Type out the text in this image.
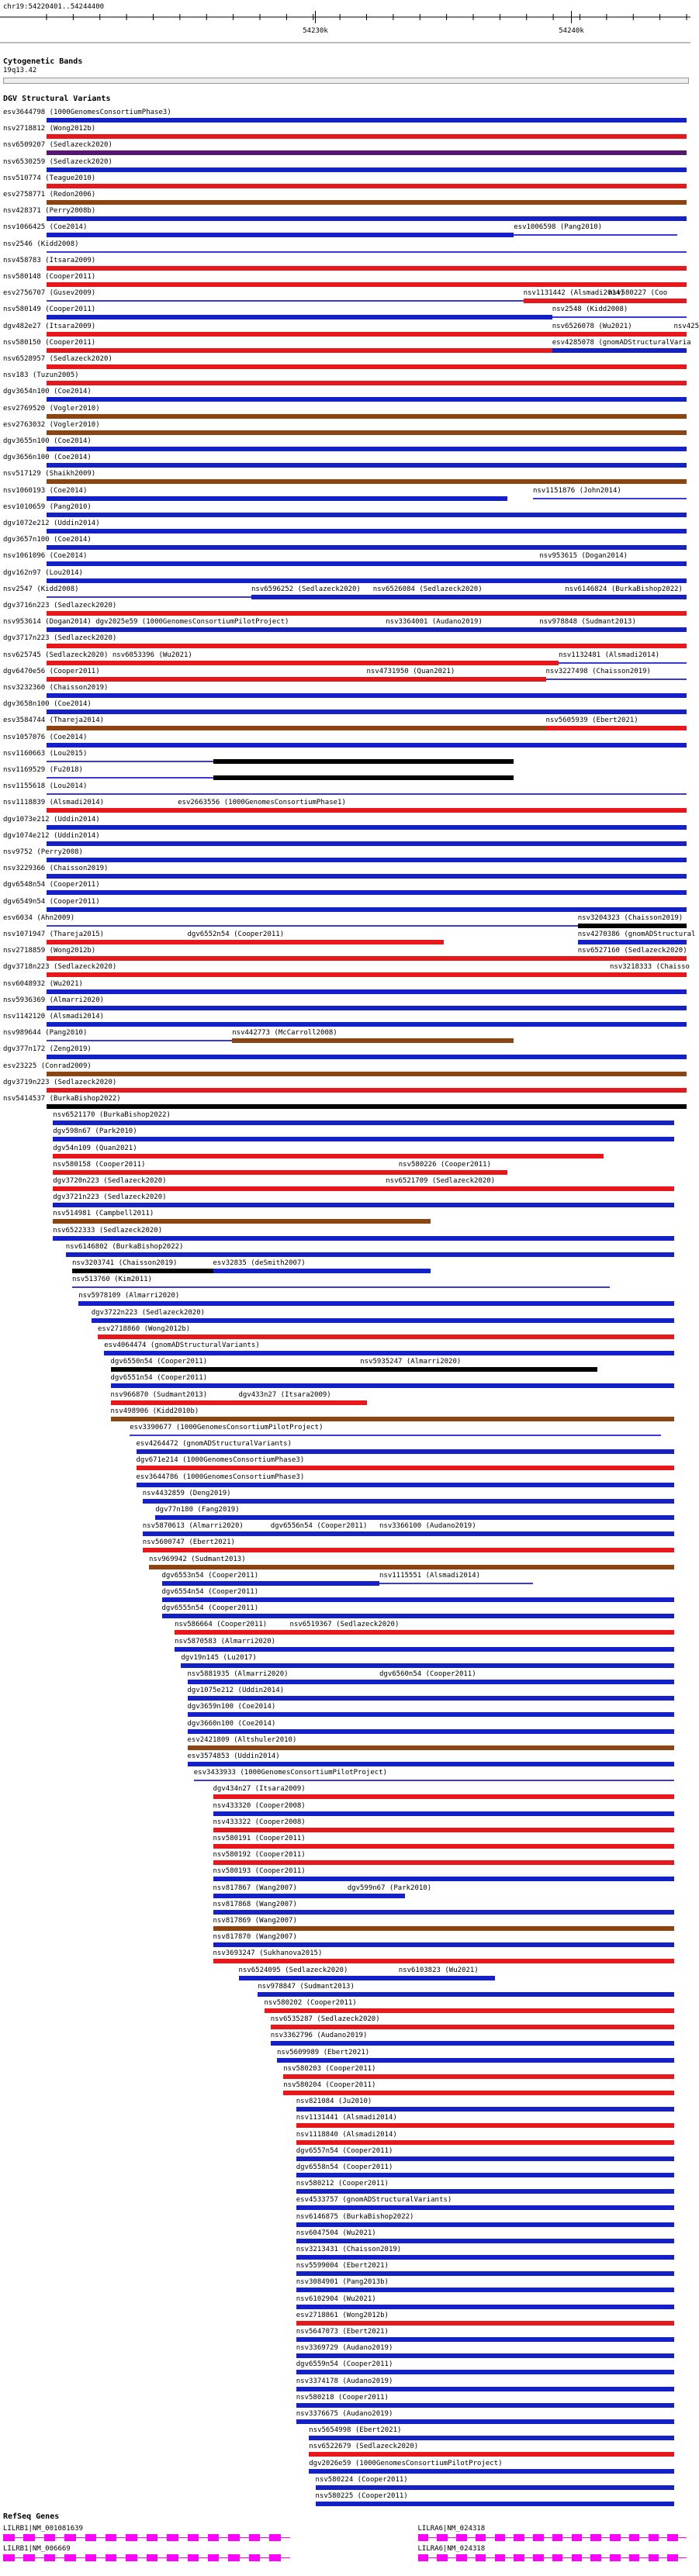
chr19:54220401..54244400
54230k	54240k
Cytogenetic Bands
19q13.42
DGV Structural Variants
esv3644798 (1000GenomesConsortiumPhase3)
nsv2718812 (Wong2012b)
nsv6509207 (Sedlazeck2020)
nsv6530259 (Sedlazeck2020)
nsv510774 (Teague2010)
esv2758771 (Redon2006)
nsv428371 (Perry2008b)
nsv1066425 (Coe2014)	esv1006598 (Pang2010)
nsv2546 (Kidd2008)
nsv458783 (Itsara2009)
nsv580148 (Cooper2011)
esv2756707 (Gusev2009)	nsv1131442 (Alsmadi2014)
nsv580227 (Coo
nsv580149 (Cooper2011)	nsv2548 (Kidd2008)
dgv482e27 (Itsara2009)	nsv6526078 (Wu2021)	nsv425
nsv580150 (Cooper2011)	esv4285078 (gnomADStructuralVaria
nsv6528957 (Sedlazeck2020)
nsv183 (Tuzun2005)
dgv3654n100 (Coe2014)
esv2769520 (Vogler2010)
esv2763032 (Vogler2010)
dgv3655n100 (Coe2014)
dgv3656n100 (Coe2014)
nsv517129 (Shaikh2009)
nsv1060193 (Coe2014)	nsv1151876 (John2014)
esv1010659 (Pang2010)
dgv1072e212 (Uddin2014)
dgv3657n100 (Coe2014)
nsv1061096 (Coe2014)	nsv953615 (Dogan2014)
dgv162n97 (Lou2014)
nsv2547 (Kidd2008)	nsv6596252 (Sedlazeck2020) nsv6526084 (Sedlazeck2020)	nsv6146824 (BurkaBishop2022)
dgv3716n223 (Sedlazeck2020)
nsv953614 (Dogan2014) dgv2025e59 (1000GenomesConsortiumPilotProject)	nsv3364001 (Audano2019)	nsv978848 (Sudmant2013)
dgv3717n223 (Sedlazeck2020)
nsv625745 (Sedlazeck2020) nsv6053396 (Wu2021)	nsv1132481 (Alsmadi2014)
dgv6470e56 (Cooper2011)	nsv4731950 (Quan2021)	nsv3227498 (Chaisson2019)
nsv3232360 (Chaisson2019)
dgv3658n100 (Coe2014)
esv3584744 (Thareja2014)	nsv5605939 (Ebert2021)
nsv1057076 (Coe2014)
nsv1160663 (Lou2015)
nsv1169529 (Fu2018)
nsv1155618 (Lou2014)
nsv1118839 (Alsmadi2014)	esv2663556 (1000GenomesConsortiumPhase1)
dgv1073e212 (Uddin2014)
dgv1074e212 (Uddin2014)
nsv9752 (Perry2008)
nsv3229366 (Chaisson2019)
dgv6548n54 (Cooper2011)
dgv6549n54 (Cooper2011)
esv6034 (Ahn2009)	nsv3204323 (Chaisson2019)
nsv1071947 (Thareja2015)	dgv6552n54 (Cooper2011)	nsv4270386 (gnomADStructural
nsv2718859 (Wong2012b)	nsv6527160 (Sedlazeck2020)
dgv3718n223 (Sedlazeck2020)	nsv3218333 (Chaisso
nsv6048932 (Wu2021)
nsv5936369 (Almarri2020)
nsv1142120 (Alsmadi2014)
nsv989644 (Pang2010)	nsv442773 (McCarroll2008)
dgv377n172 (Zeng2019)
esv23225 (Conrad2009)
dgv3719n223 (Sedlazeck2020)
nsv5414537 (BurkaBishop2022)
nsv6521170 (BurkaBishop2022)
dgv598n67 (Park2010)
dgv54n109 (Quan2021)
nsv580158 (Cooper2011)	nsv580226 (Cooper2011)
dgv3720n223 (Sedlazeck2020)	nsv6521709 (Sedlazeck2020)
dgv3721n223 (Sedlazeck2020)
nsv514981 (Campbell2011)
nsv6522333 (Sedlazeck2020)
nsv6146802 (BurkaBishop2022)
nsv3203741 (Chaisson2019)	esv32835 (deSmith2007)
nsv513760 (Kim2011)
nsv5978109 (Almarri2020)
dgv3722n223 (Sedlazeck2020)
esv2718860 (Wong2012b)
esv4064474 (gnomADStructuralVariants)
dgv6550n54 (Cooper2011)	nsv5935247 (Almarri2020)
dgv6551n54 (Cooper2011)
nsv966870 (Sudmant2013)	dgv433n27 (Itsara2009)
nsv498906 (Kidd2010b)
esv3390677 (1000GenomesConsortiumPilotProject)
esv4264472 (gnomADStructuralVariants)
dgv671e214 (1000GenomesConsortiumPhase3)
esv3644786 (1000GenomesConsortiumPhase3)
nsv4432859 (Deng2019)
dgv77n180 (Fang2019)
nsv5870613 (Almarri2020)	dgv6556n54 (Cooper2011) nsv3366100 (Audano2019)
nsv5600747 (Ebert2021)
nsv969942 (Sudmant2013)
dgv6553n54 (Cooper2011)	nsv1115551 (Alsmadi2014)
dgv6554n54 (Cooper2011)
dgv6555n54 (Cooper2011)
nsv586664 (Cooper2011)	nsv6519367 (Sedlazeck2020)
nsv5870583 (Almarri2020)
dgv19n145 (Lu2017)
nsv5881935 (Almarri2020)	dgv6560n54 (Cooper2011)
dgv1075e212 (Uddin2014)
dgv3659n100 (Coe2014)
dgv3660n100 (Coe2014)
esv2421809 (Altshuler2010)
esv3574853 (Uddin2014)
esv3433933 (1000GenomesConsortiumPilotProject)
dgv434n27 (Itsara2009)
nsv433320 (Cooper2008)
nsv433322 (Cooper2008)
nsv580191 (Cooper2011)
nsv580192 (Cooper2011)
nsv580193 (Cooper2011)
nsv817867 (Wang2007)	dgv599n67 (Park2010)
nsv817868 (Wang2007)
nsv817869 (Wang2007)
nsv817870 (Wang2007)
nsv3693247 (Sukhanova2015)
nsv6524095 (Sedlazeck2020)	nsv6103823 (Wu2021)
nsv978847 (Sudmant2013)
nsv580202 (Cooper2011)
nsv6535287 (Sedlazeck2020)
nsv3362796 (Audano2019)
nsv5609989 (Ebert2021)
nsv580203 (Cooper2011)
nsv580204 (Cooper2011)
nsv821084 (Ju2010)
nsv1131441 (Alsmadi2014)
nsv1118840 (Alsmadi2014)
dgv6557n54 (Cooper2011)
dgv6558n54 (Cooper2011)
nsv580212 (Cooper2011)
esv4533757 (gnomADStructuralVariants)
nsv6146875 (BurkaBishop2022)
nsv6047504 (Wu2021)
nsv3213431 (Chaisson2019)
nsv5599004 (Ebert2021)
nsv3084901 (Pang2013b)
nsv6102904 (Wu2021)
esv2718861 (Wong2012b)
nsv5647073 (Ebert2021)
nsv3369729 (Audano2019)
dgv6559n54 (Cooper2011)
nsv3374178 (Audano2019)
nsv580218 (Cooper2011)
nsv3376675 (Audano2019)
nsv5654998 (Ebert2021)
nsv6522679 (Sedlazeck2020)
dgv2026e59 (1000GenomesConsortiumPilotProject)
nsv580224 (Cooper2011)
nsv580225 (Cooper2011)
RefSeq Genes
LILRB1|NM_001081639
LILRB1|NM_006669
LILRA6|NM_024318
LILRA6|NM_024318
